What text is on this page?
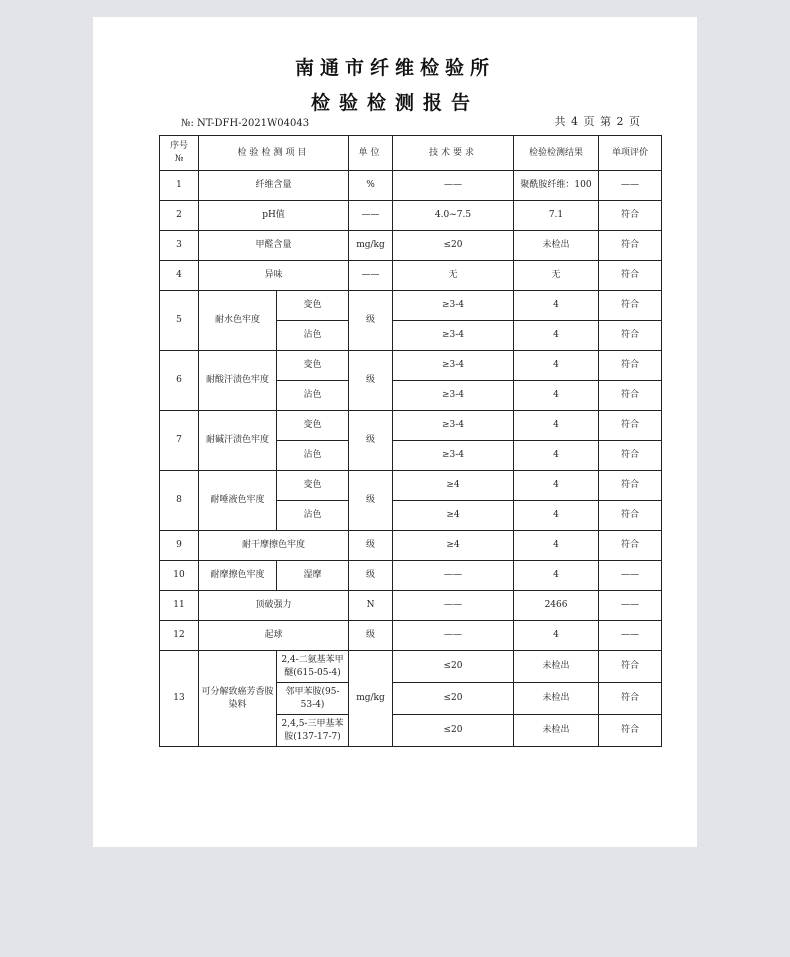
南通市纤维检验所
检验检测报告
№: NT-DFH-2021W04043	共 4 页 第 2 页
序号
№	检验检测项目		单位	技术要求	检验检测结果	单项评价
1	纤维含量		%	——	聚酰胺纤维：100	——
2	pH值		——	4.0~7.5	7.1	符合
3	甲醛含量		mg/kg	≤20	未检出	符合
4	异味		——	无	无	符合
5	耐水色牢度	变色	级	≥3-4	4	符合
		沾色		≥3-4	4	符合
6	耐酸汗渍色牢度	变色	级	≥3-4	4	符合
		沾色		≥3-4	4	符合
7	耐碱汗渍色牢度	变色	级	≥3-4	4	符合
		沾色		≥3-4	4	符合
8	耐唾液色牢度	变色	级	≥4	4	符合
		沾色		≥4	4	符合
9	耐干摩擦色牢度		级	≥4	4	符合
10	耐摩擦色牢度	湿摩	级	——	4	——
11	顶破强力		N	——	2466	——
12	起球		级	——	4	——
13	可分解致癌芳香胺染料	2,4-二氨基苯甲醚(615-05-4)	mg/kg	≤20	未检出	符合
		邻甲苯胺(95-53-4)		≤20	未检出	符合
		2,4,5-三甲基苯胺(137-17-7)		≤20	未检出	符合
